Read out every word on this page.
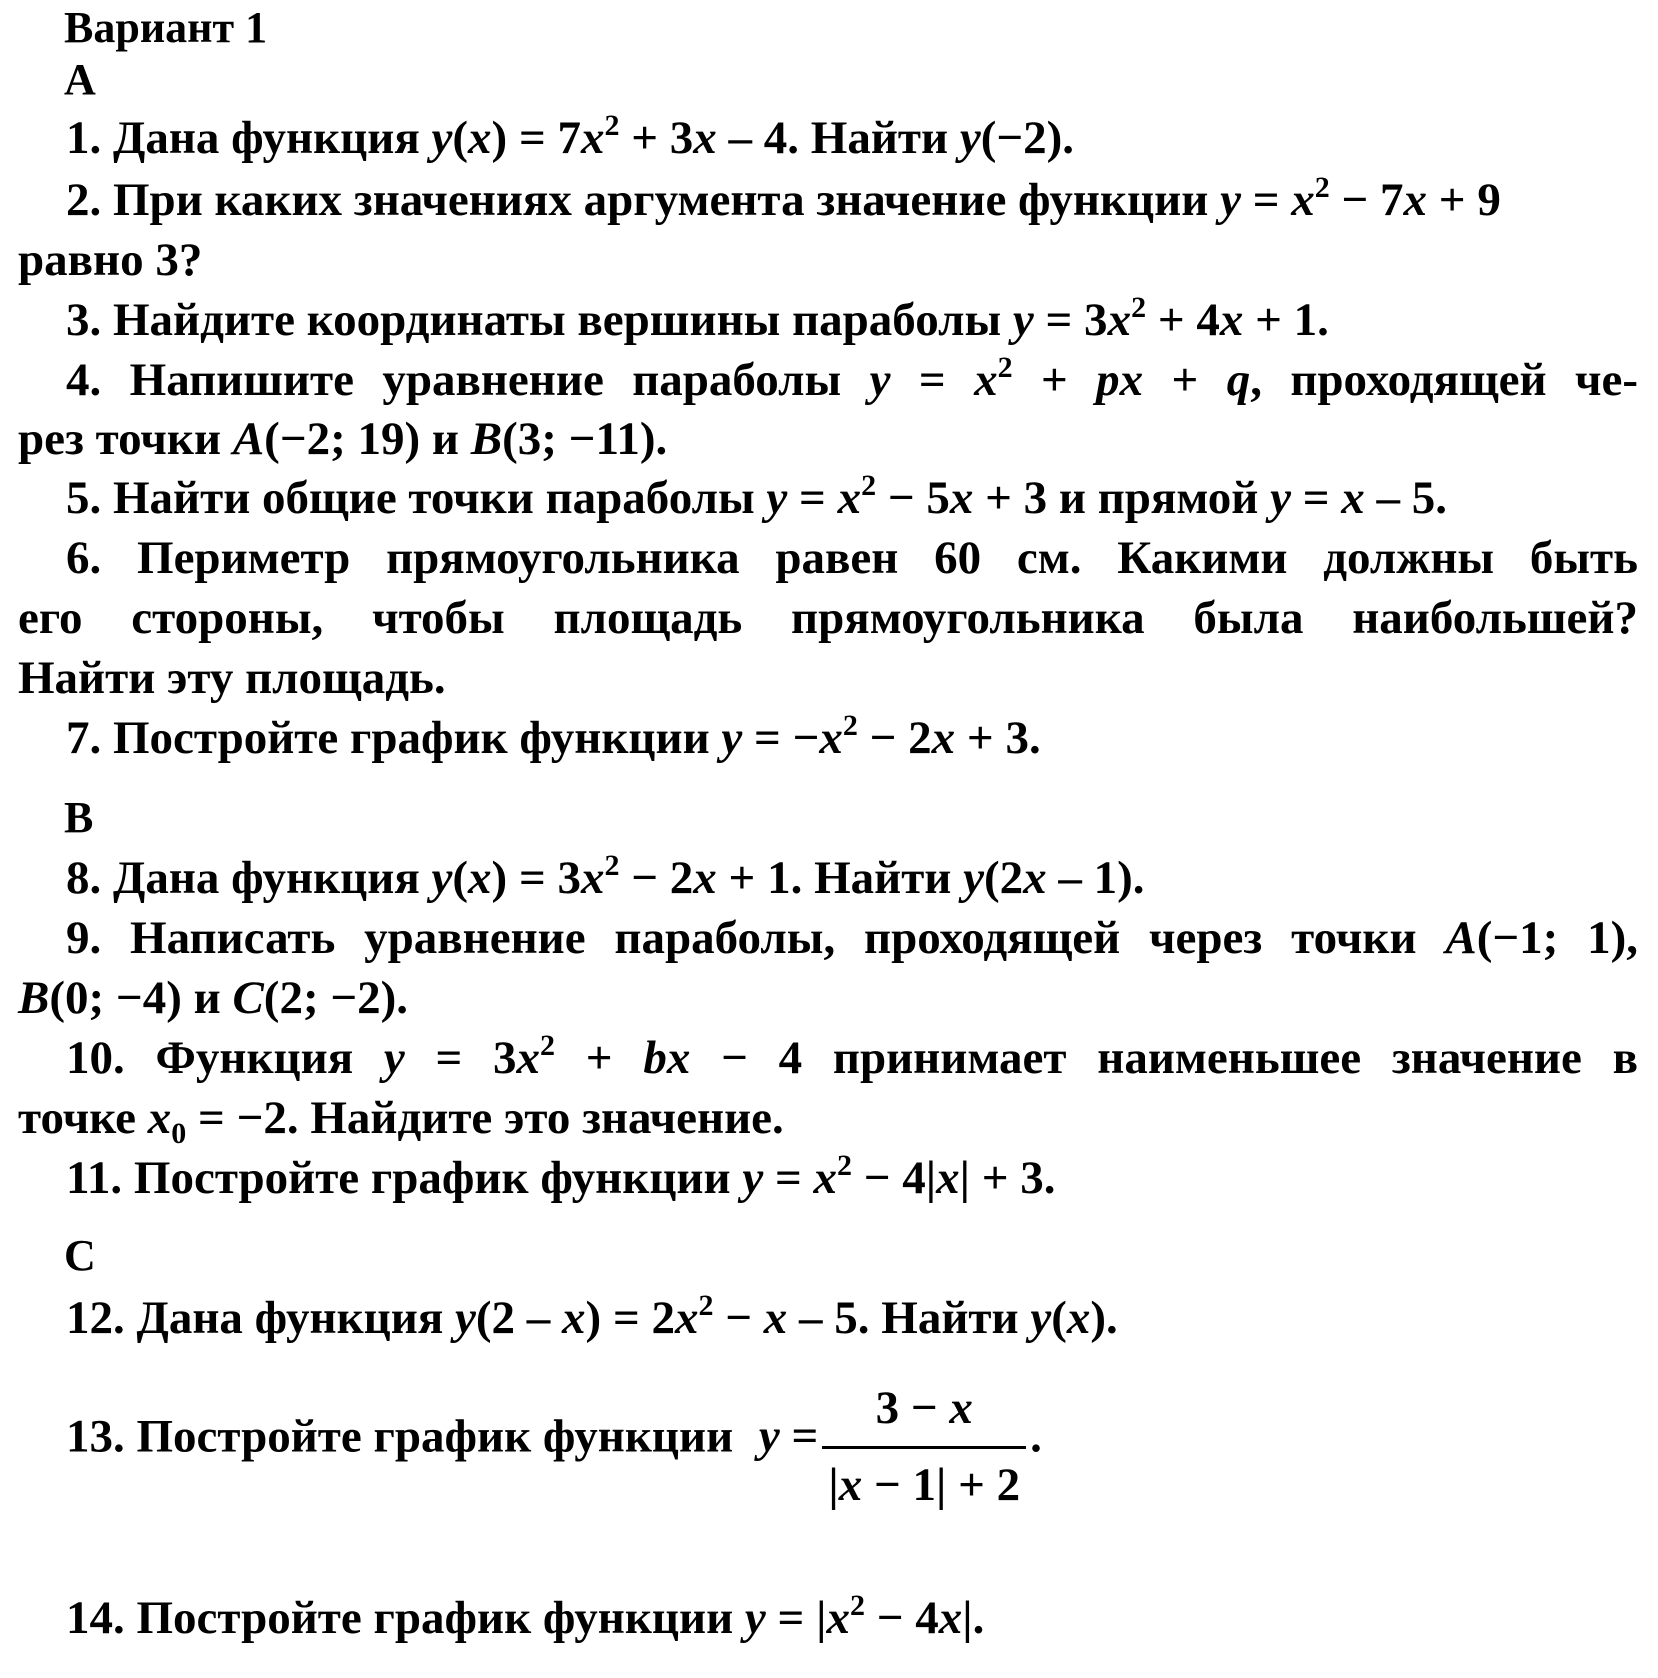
Вариант 1
А
1. Дана функция $y(x) = 7x^2 + 3x - 4$. Найти y(−2).
2. При каких значениях аргумента значение функции $y = x^2 - 7x + 9$
равно 3?
3. Найдите координаты вершины параболы $y = 3x^2 + 4x + 1$.
4. Напишите уравнение параболы $y = x^2$ + px + q, проходящей че-
рез точки A(−2; 19) и B(3; −11).
5. Найти общие точки параболы $y = x^2 - 5x + 3$ и прямой y = x – 5.
6. Периметр прямоугольника равен 60 см. Какими должны быть
его стороны, чтобы площадь прямоугольника была наибольшей?
Найти эту площадь.
7. Постройте график функции $y = -x^2 - 2x + 3$.
В
8. Дана функция $y(x) = 3x^2 - 2x + 1$. Найти y(2x – 1).
9. Написать уравнение параболы, проходящей через точки A(−1; 1),
B(0; −4) и C(2; −2).
10. Функция $y = 3x^2$ + bx − 4 принимает наименьшее значение в
точке $x_0 = -2$. Найдите это значение.
11. Постройте график функции $y = x^2 - 4|x| + 3$.
С
12. Дана функция $y(2 - x) = 2x^2 - x - 5$. Найти y(x).
13. Постройте график функции $y = \frac{3 - x}{|x - 1| + 2}$ .
14. Постройте график функции $y = |x^2 - 4x|$.
